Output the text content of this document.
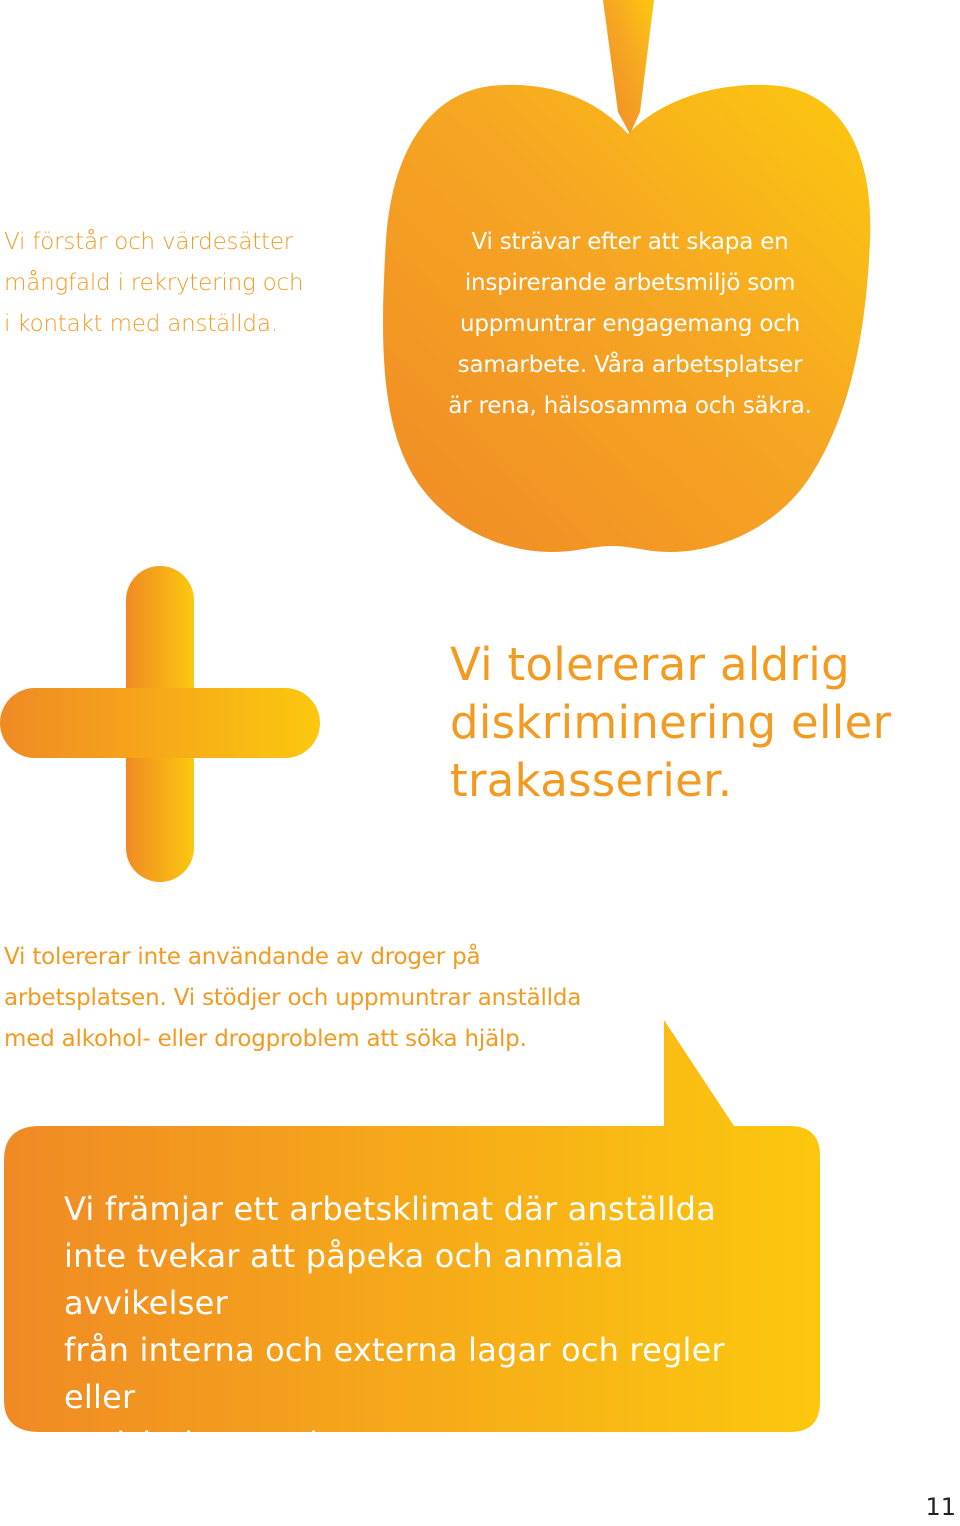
Vi förstår och värdesätter
mångfald i rekrytering och
i kontakt med anställda.

Vi strävar efter att skapa en
inspirerande arbetsmiljö som
uppmuntrar engagemang och
samarbete. Våra arbetsplatser
är rena, hälsosamma och säkra.

Vi tolererar aldrig
diskriminering eller
trakasserier.

Vi tolererar inte användande av droger på
arbetsplatsen. Vi stödjer och uppmuntrar anställda
med alkohol- eller drogproblem att söka hjälp.

Vi främjar ett arbetsklimat där anställda
inte tvekar att påpeka och anmäla avvikelser
från interna och externa lagar och regler eller
oetiskt beteende.

11
